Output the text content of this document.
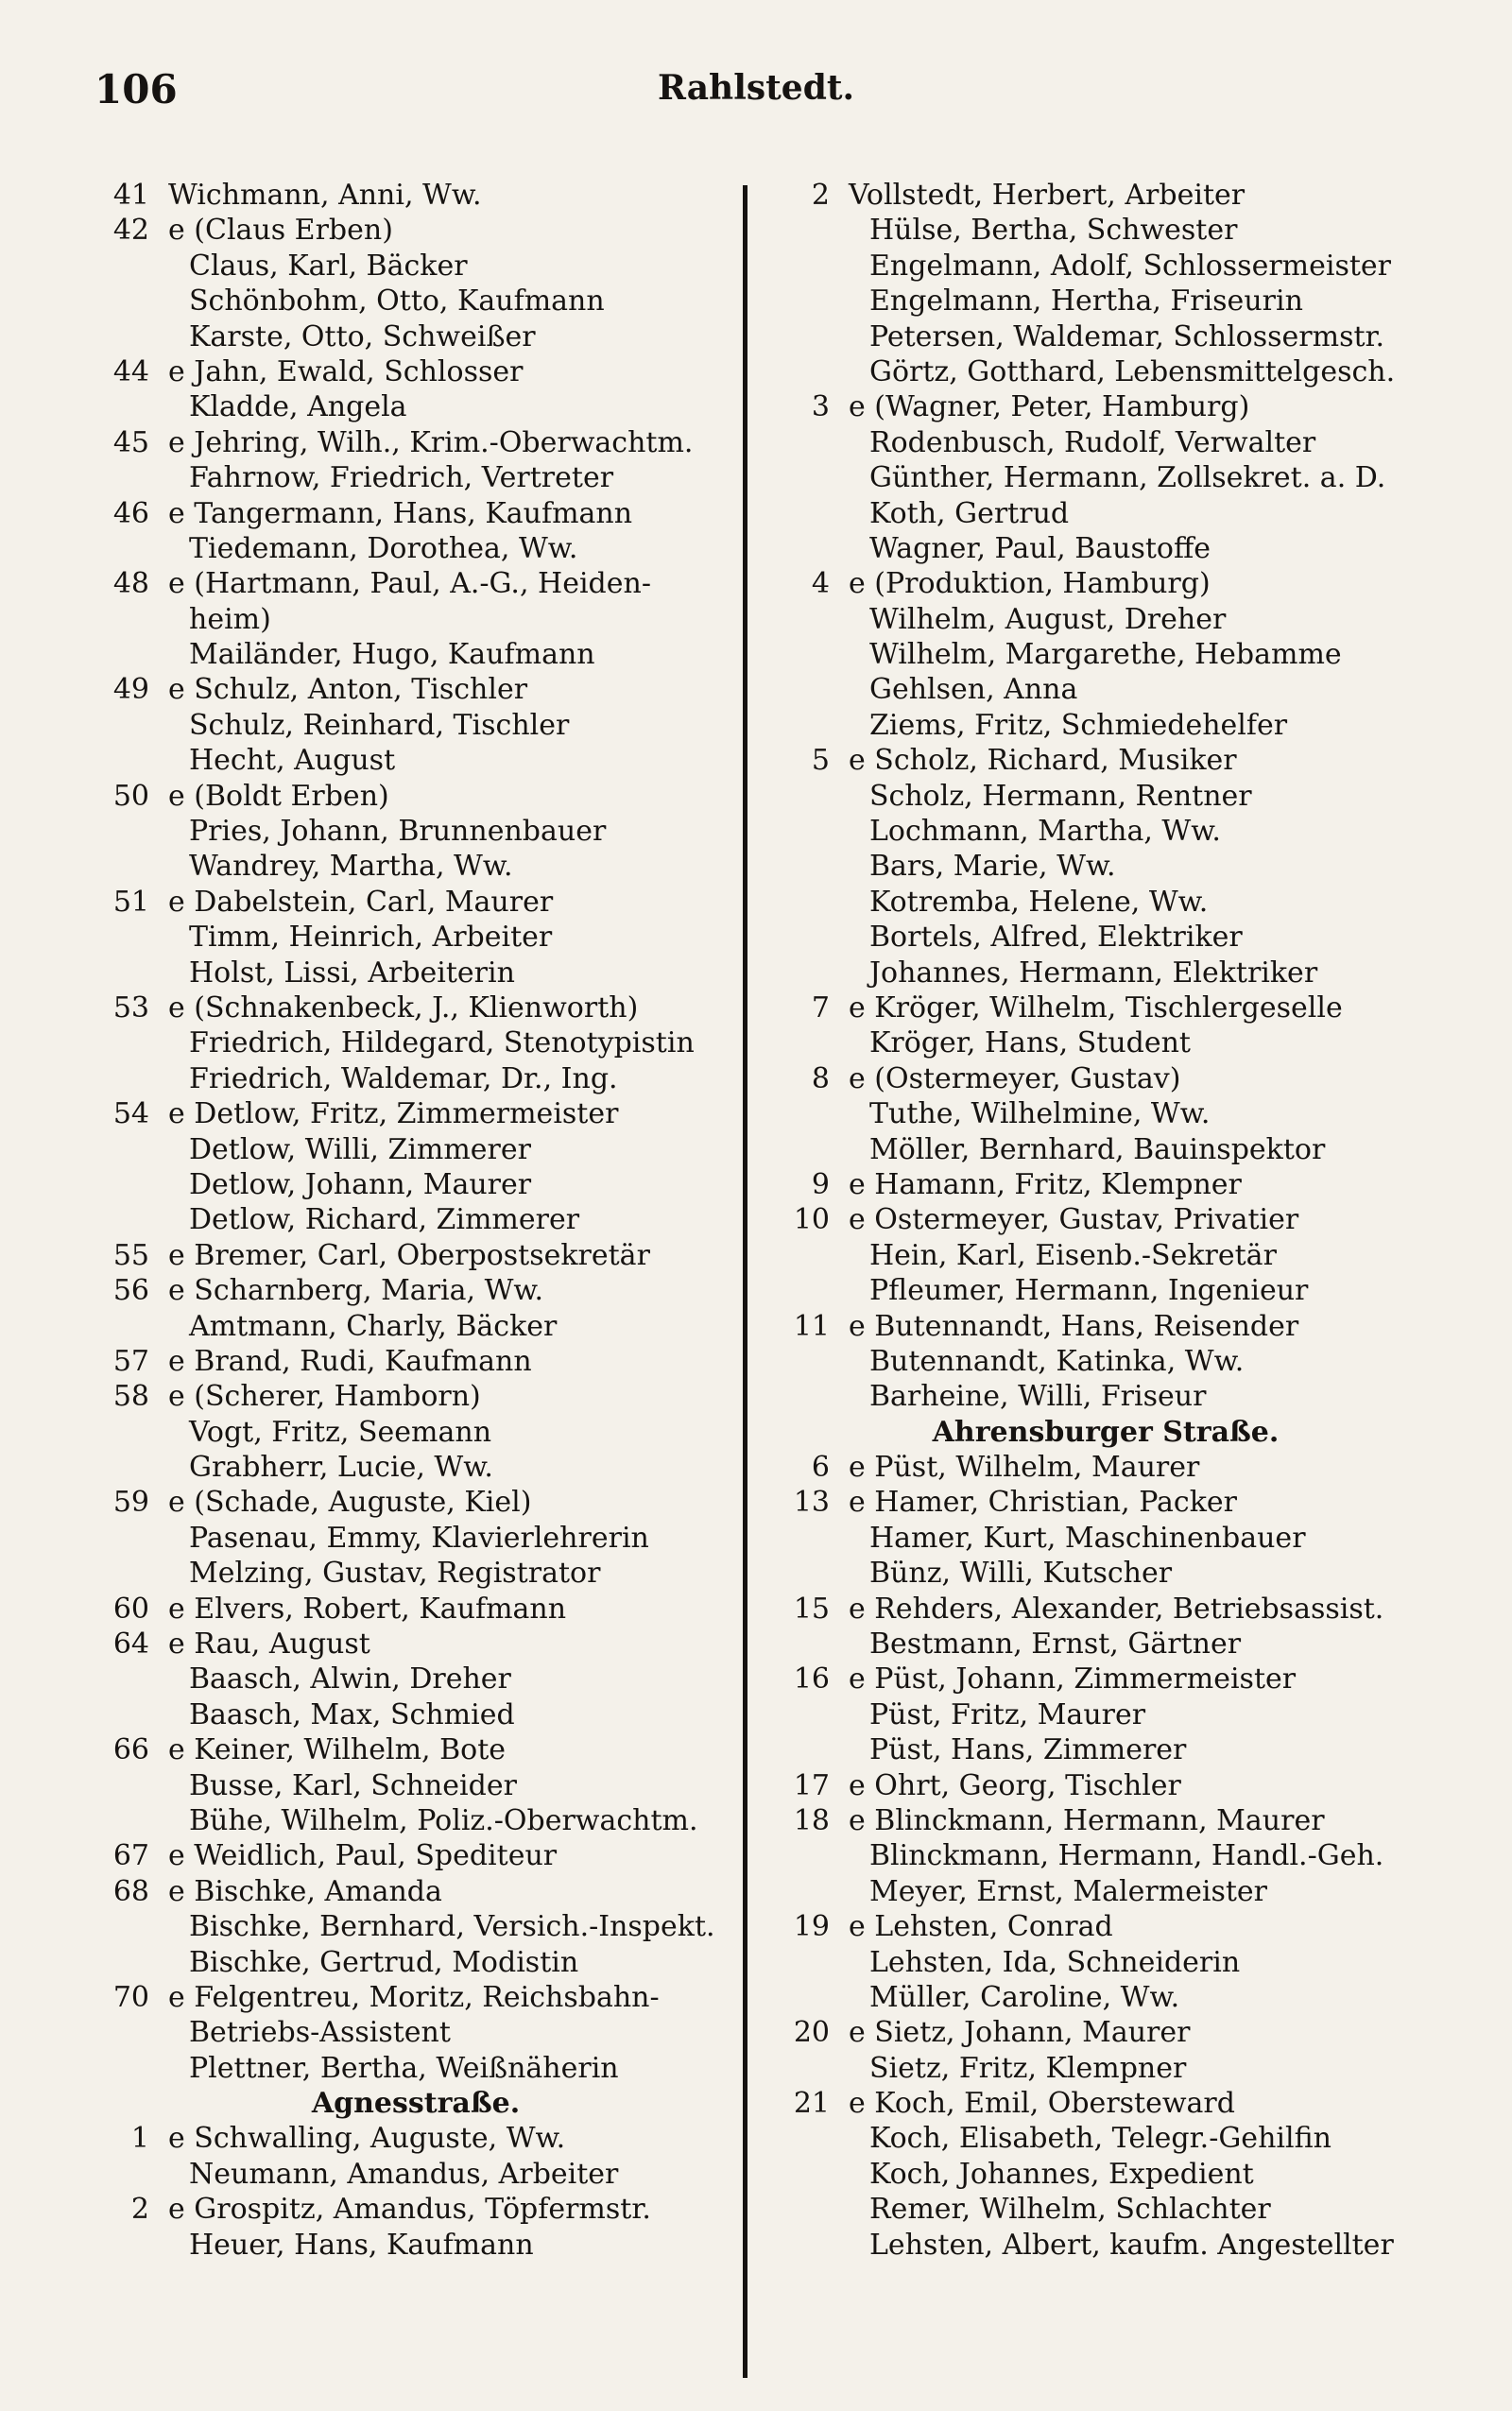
106	Rahlstedt.
41 Wichmann, Anni, Ww.
42 e (Claus Erben)
Claus, Karl, Bäcker
Schönbohm, Otto, Kaufmann
Karste, Otto, Schweißer
44 e Jahn, Ewald, Schlosser
Kladde, Angela
45 e Jehring, Wilh., Krim.-Oberwachtm.
Fahrnow, Friedrich, Vertreter
46 e Tangermann, Hans, Kaufmann
Tiedemann, Dorothea, Ww.
48 e (Hartmann, Paul, A.-G., Heiden-
heim)
Mailänder, Hugo, Kaufmann
49 e Schulz, Anton, Tischler
Schulz, Reinhard, Tischler
Hecht, August
50 e (Boldt Erben)
Pries, Johann, Brunnenbauer
Wandrey, Martha, Ww.
51 e Dabelstein, Carl, Maurer
Timm, Heinrich, Arbeiter
Holst, Lissi, Arbeiterin
53 e (Schnakenbeck, J., Klienworth)
Friedrich, Hildegard, Stenotypistin
Friedrich, Waldemar, Dr., Ing.
54 e Detlow, Fritz, Zimmermeister
Detlow, Willi, Zimmerer
Detlow, Johann, Maurer
Detlow, Richard, Zimmerer
55 e Bremer, Carl, Oberpostsekretär
56 e Scharnberg, Maria, Ww.
Amtmann, Charly, Bäcker
57 e Brand, Rudi, Kaufmann
58 e (Scherer, Hamborn)
Vogt, Fritz, Seemann
Grabherr, Lucie, Ww.
59 e (Schade, Auguste, Kiel)
Pasenau, Emmy, Klavierlehrerin
Melzing, Gustav, Registrator
60 e Elvers, Robert, Kaufmann
64 e Rau, August
Baasch, Alwin, Dreher
Baasch, Max, Schmied
66 e Keiner, Wilhelm, Bote
Busse, Karl, Schneider
Bühe, Wilhelm, Poliz.-Oberwachtm.
67 e Weidlich, Paul, Spediteur
68 e Bischke, Amanda
Bischke, Bernhard, Versich.-Inspekt.
Bischke, Gertrud, Modistin
70 e Felgentreu, Moritz, Reichsbahn-
Betriebs-Assistent
Plettner, Bertha, Weißnäherin
Agnesstraße.
1 e Schwalling, Auguste, Ww.
Neumann, Amandus, Arbeiter
2 e Grospitz, Amandus, Töpfermstr.
Heuer, Hans, Kaufmann
2 Vollstedt, Herbert, Arbeiter
Hülse, Bertha, Schwester
Engelmann, Adolf, Schlossermeister
Engelmann, Hertha, Friseurin
Petersen, Waldemar, Schlossermstr.
Görtz, Gotthard, Lebensmittelgesch.
3 e (Wagner, Peter, Hamburg)
Rodenbusch, Rudolf, Verwalter
Günther, Hermann, Zollsekret. a. D.
Koth, Gertrud
Wagner, Paul, Baustoffe
4 e (Produktion, Hamburg)
Wilhelm, August, Dreher
Wilhelm, Margarethe, Hebamme
Gehlsen, Anna
Ziems, Fritz, Schmiedehelfer
5 e Scholz, Richard, Musiker
Scholz, Hermann, Rentner
Lochmann, Martha, Ww.
Bars, Marie, Ww.
Kotremba, Helene, Ww.
Bortels, Alfred, Elektriker
Johannes, Hermann, Elektriker
7 e Kröger, Wilhelm, Tischlergeselle
Kröger, Hans, Student
8 e (Ostermeyer, Gustav)
Tuthe, Wilhelmine, Ww.
Möller, Bernhard, Bauinspektor
9 e Hamann, Fritz, Klempner
10 e Ostermeyer, Gustav, Privatier
Hein, Karl, Eisenb.-Sekretär
Pfleumer, Hermann, Ingenieur
11 e Butennandt, Hans, Reisender
Butennandt, Katinka, Ww.
Barheine, Willi, Friseur
Ahrensburger Straße.
6 e Püst, Wilhelm, Maurer
13 e Hamer, Christian, Packer
Hamer, Kurt, Maschinenbauer
Bünz, Willi, Kutscher
15 e Rehders, Alexander, Betriebsassist.
Bestmann, Ernst, Gärtner
16 e Püst, Johann, Zimmermeister
Püst, Fritz, Maurer
Püst, Hans, Zimmerer
17 e Ohrt, Georg, Tischler
18 e Blinckmann, Hermann, Maurer
Blinckmann, Hermann, Handl.-Geh.
Meyer, Ernst, Malermeister
19 e Lehsten, Conrad
Lehsten, Ida, Schneiderin
Müller, Caroline, Ww.
20 e Sietz, Johann, Maurer
Sietz, Fritz, Klempner
21 e Koch, Emil, Obersteward
Koch, Elisabeth, Telegr.-Gehilfin
Koch, Johannes, Expedient
Remer, Wilhelm, Schlachter
Lehsten, Albert, kaufm. Angestellter
